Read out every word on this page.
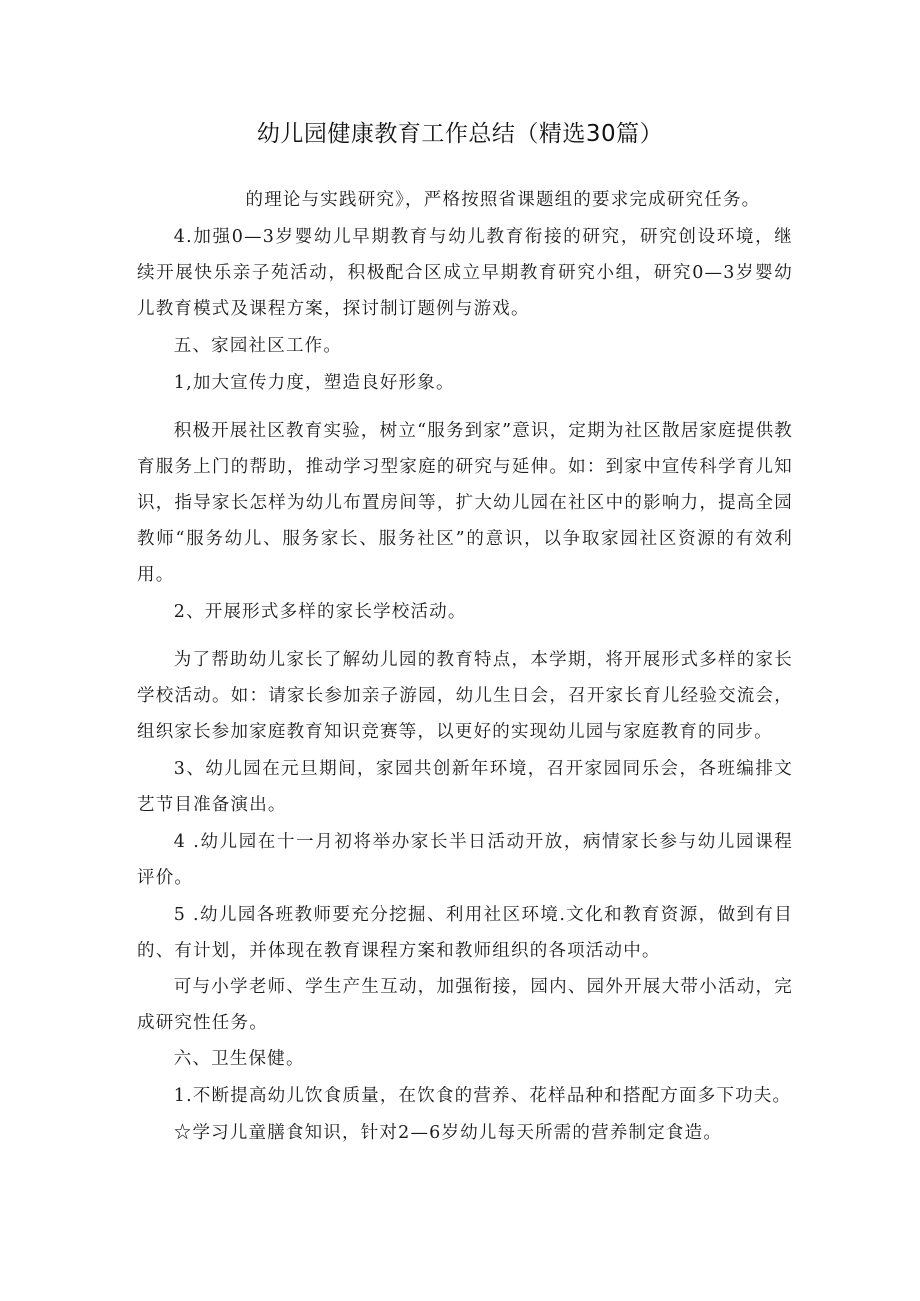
幼儿园健康教育工作总结（精选30篇）

的理论与实践研究》，严格按照省课题组的要求完成研究任务。

4.加强0—3岁婴幼儿早期教育与幼儿教育衔接的研究，研究创设环境，继续开展快乐亲子苑活动，积极配合区成立早期教育研究小组，研究0—3岁婴幼儿教育模式及课程方案，探讨制订题例与游戏。

五、家园社区工作。

1,加大宣传力度，塑造良好形象。

积极开展社区教育实验，树立“服务到家”意识，定期为社区散居家庭提供教育服务上门的帮助，推动学习型家庭的研究与延伸。如：到家中宣传科学育儿知识，指导家长怎样为幼儿布置房间等，扩大幼儿园在社区中的影响力，提高全园教师“服务幼儿、服务家长、服务社区”的意识，以争取家园社区资源的有效利用。

2、开展形式多样的家长学校活动。

为了帮助幼儿家长了解幼儿园的教育特点，本学期，将开展形式多样的家长学校活动。如：请家长参加亲子游园，幼儿生日会，召开家长育儿经验交流会，组织家长参加家庭教育知识竞赛等，以更好的实现幼儿园与家庭教育的同步。

3、幼儿园在元旦期间，家园共创新年环境，召开家园同乐会，各班编排文艺节目准备演出。

4 .幼儿园在十一月初将举办家长半日活动开放，病情家长参与幼儿园课程评价。

5 .幼儿园各班教师要充分挖掘、利用社区环境.文化和教育资源，做到有目的、有计划，并体现在教育课程方案和教师组织的各项活动中。

可与小学老师、学生产生互动，加强衔接，园内、园外开展大带小活动，完成研究性任务。

六、卫生保健。

1.不断提高幼儿饮食质量，在饮食的营养、花样品种和搭配方面多下功夫。

☆学习儿童膳食知识，针对2—6岁幼儿每天所需的营养制定食造。
